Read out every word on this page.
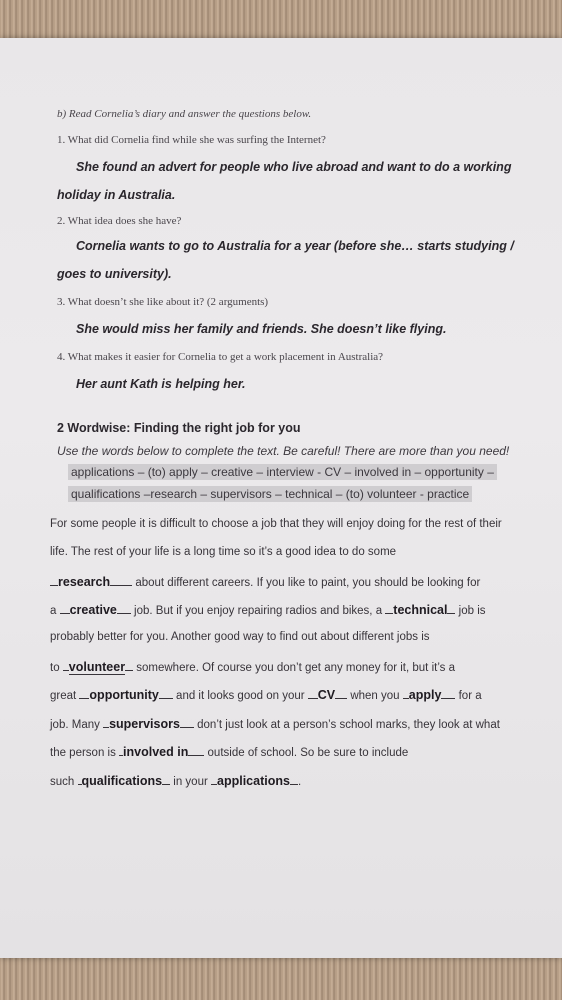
b) Read Cornelia’s diary and answer the questions below.
1. What did Cornelia find while she was surfing the Internet?
She found an advert for people who live abroad and want to do a working
holiday in Australia.
2. What idea does she have?
Cornelia wants to go to Australia for a year (before she… starts studying /
goes to university).
3. What doesn’t she like about it? (2 arguments)
She would miss her family and friends. She doesn’t like flying.
4. What makes it easier for Cornelia to get a work placement in Australia?
Her aunt Kath is helping her.
2 Wordwise: Finding the right job for you
Use the words below to complete the text. Be careful! There are more than you need!
applications – (to) apply – creative – interview - CV – involved in – opportunity –
qualifications –research – supervisors – technical – (to) volunteer - practice
For some people it is difficult to choose a job that they will enjoy doing for the rest of their
life. The rest of your life is a long time so it’s a good idea to do some
research about different careers. If you like to paint, you should be looking for
a creative job. But if you enjoy repairing radios and bikes, a technical job is
probably better for you. Another good way to find out about different jobs is
to volunteer somewhere. Of course you don’t get any money for it, but it’s a
great opportunity and it looks good on your CV when you apply for a
job. Many supervisors don’t just look at a person’s school marks, they look at what
the person is involved in outside of school. So be sure to include
such qualifications in your applications .
